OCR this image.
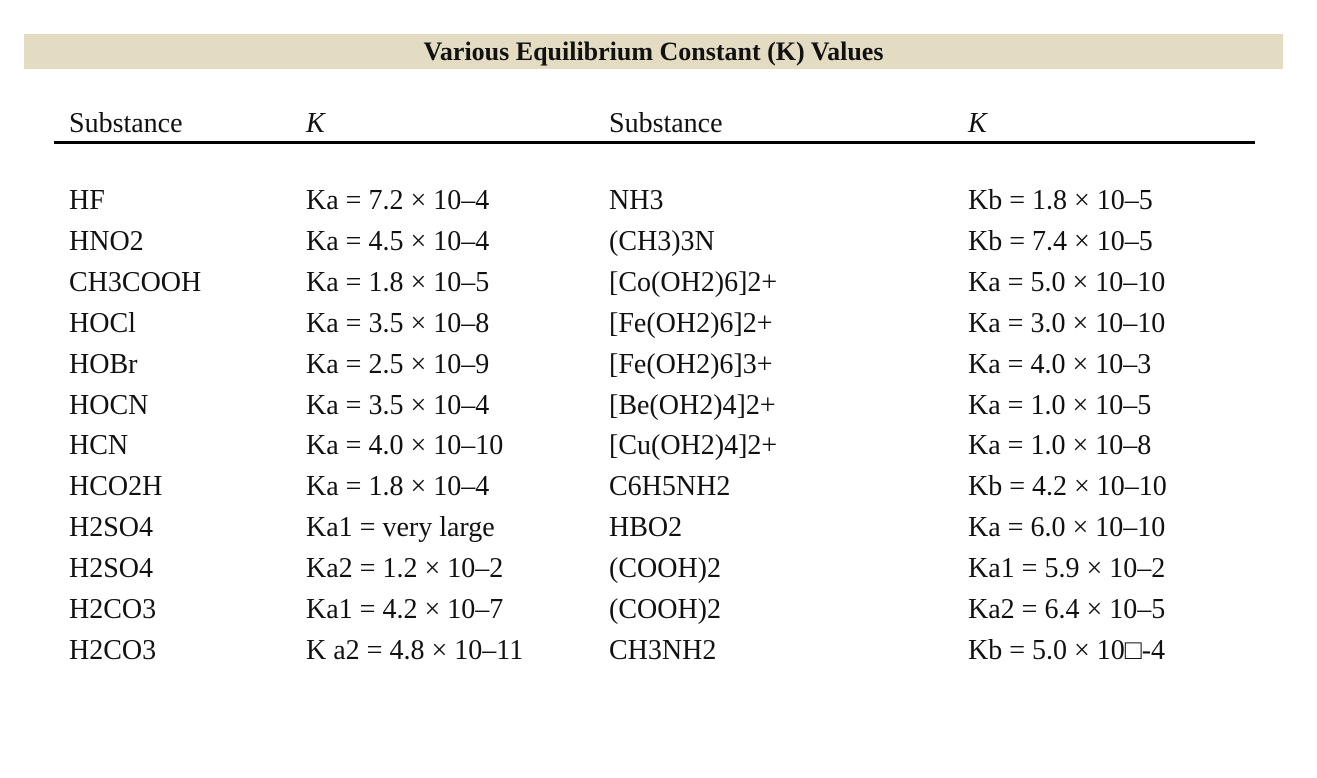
Various Equilibrium Constant (K) Values
Substance	K	Substance	K
HF	Ka = 7.2 × 10–4	NH3	Kb = 1.8 × 10–5
HNO2	Ka = 4.5 × 10–4	(CH3)3N	Kb = 7.4 × 10–5
CH3COOH	Ka = 1.8 × 10–5	[Co(OH2)6]2+	Ka = 5.0 × 10–10
HOCl	Ka = 3.5 × 10–8	[Fe(OH2)6]2+	Ka = 3.0 × 10–10
HOBr	Ka = 2.5 × 10–9	[Fe(OH2)6]3+	Ka = 4.0 × 10–3
HOCN	Ka = 3.5 × 10–4	[Be(OH2)4]2+	Ka = 1.0 × 10–5
HCN	Ka = 4.0 × 10–10	[Cu(OH2)4]2+	Ka = 1.0 × 10–8
HCO2H	Ka = 1.8 × 10–4	C6H5NH2	Kb = 4.2 × 10–10
H2SO4	Ka1 = very large	HBO2	Ka = 6.0 × 10–10
H2SO4	Ka2 = 1.2 × 10–2	(COOH)2	Ka1 = 5.9 × 10–2
H2CO3	Ka1 = 4.2 × 10–7	(COOH)2	Ka2 = 6.4 × 10–5
H2CO3	K a2 = 4.8 × 10–11	CH3NH2	Kb = 5.0 × 10□-4
